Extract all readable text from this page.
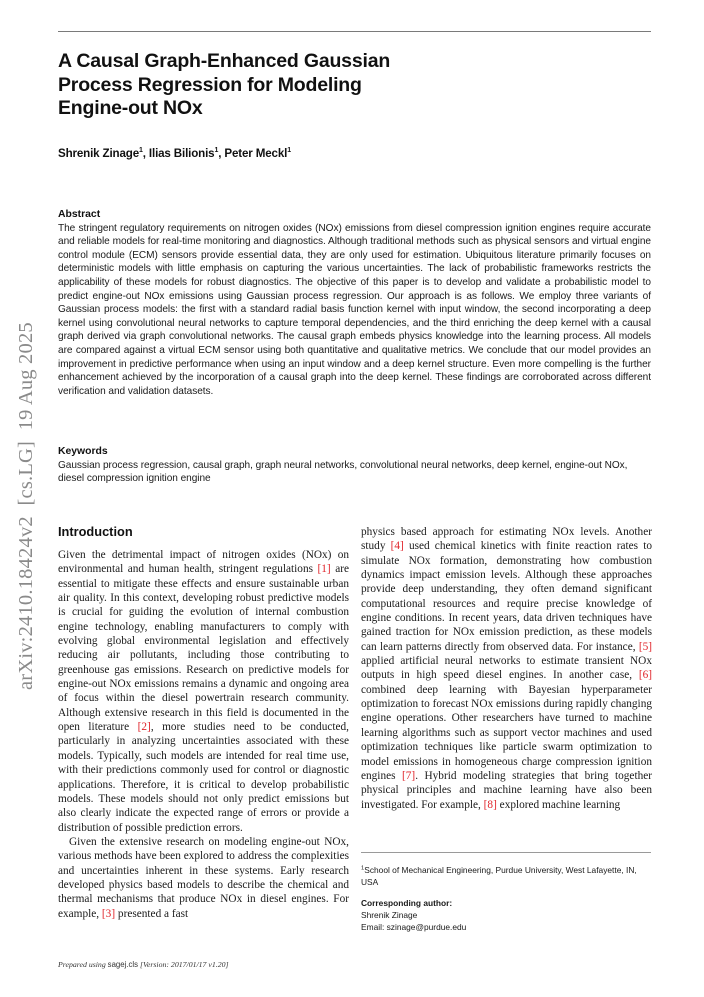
arXiv:2410.18424v2  [cs.LG]  19 Aug 2025
A Causal Graph-Enhanced Gaussian
Process Regression for Modeling
Engine-out NOx
Shrenik Zinage$^1$, Ilias Bilionis$^1$, Peter Meckl$^1$

Abstract

The stringent regulatory requirements on nitrogen oxides (NOx) emissions from diesel compression ignition engines require accurate and reliable models for real-time monitoring and diagnostics. Although traditional methods such as physical sensors and virtual engine control module (ECM) sensors provide essential data, they are only used for estimation. Ubiquitous literature primarily focuses on deterministic models with little emphasis on capturing the various uncertainties. The lack of probabilistic frameworks restricts the applicability of these models for robust diagnostics. The objective of this paper is to develop and validate a probabilistic model to predict engine-out NOx emissions using Gaussian process regression. Our approach is as follows. We employ three variants of Gaussian process models: the first with a standard radial basis function kernel with input window, the second incorporating a deep kernel using convolutional neural networks to capture temporal dependencies, and the third enriching the deep kernel with a causal graph derived via graph convolutional networks. The causal graph embeds physics knowledge into the learning process. All models are compared against a virtual ECM sensor using both quantitative and qualitative metrics. We conclude that our model provides an improvement in predictive performance when using an input window and a deep kernel structure. Even more compelling is the further enhancement achieved by the incorporation of a causal graph into the deep kernel. These findings are corroborated across different verification and validation datasets.

Keywords

Gaussian process regression, causal graph, graph neural networks, convolutional neural networks, deep kernel, engine-out NOx, diesel compression ignition engine

Introduction

Given the detrimental impact of nitrogen oxides (NOx) on environmental and human health, stringent regulations [1] are essential to mitigate these effects and ensure sustainable urban air quality. In this context, developing robust predictive models is crucial for guiding the evolution of internal combustion engine technology, enabling manufacturers to comply with evolving global environmental legislation and effectively reducing air pollutants, including those contributing to greenhouse gas emissions. Research on predictive models for engine-out NOx emissions remains a dynamic and ongoing area of focus within the diesel powertrain research community. Although extensive research in this field is documented in the open literature [2], more studies need to be conducted, particularly in analyzing uncertainties associated with these models. Typically, such models are intended for real time use, with their predictions commonly used for control or diagnostic applications. Therefore, it is critical to develop probabilistic models. These models should not only predict emissions but also clearly indicate the expected range of errors or provide a distribution of possible prediction errors.

Given the extensive research on modeling engine-out NOx, various methods have been explored to address the complexities and uncertainties inherent in these systems. Early research developed physics based models to describe the chemical and thermal mechanisms that produce NOx in diesel engines. For example, [3] presented a fast

physics based approach for estimating NOx levels. Another study [4] used chemical kinetics with finite reaction rates to simulate NOx formation, demonstrating how combustion dynamics impact emission levels. Although these approaches provide deep understanding, they often demand significant computational resources and require precise knowledge of engine conditions. In recent years, data driven techniques have gained traction for NOx emission prediction, as these models can learn patterns directly from observed data. For instance, [5] applied artificial neural networks to estimate transient NOx outputs in high speed diesel engines. In another case, [6] combined deep learning with Bayesian hyperparameter optimization to forecast NOx emissions during rapidly changing engine operations. Other researchers have turned to machine learning algorithms such as support vector machines and used optimization techniques like particle swarm optimization to model emissions in homogeneous charge compression ignition engines [7]. Hybrid modeling strategies that bring together physical principles and machine learning have also been investigated. For example, [8] explored machine learning

$^1$School of Mechanical Engineering, Purdue University, West Lafayette, IN, USA

Corresponding author:

Shrenik Zinage

Email: szinage@purdue.edu

Prepared using sagej.cls [Version: 2017/01/17 v1.20]
